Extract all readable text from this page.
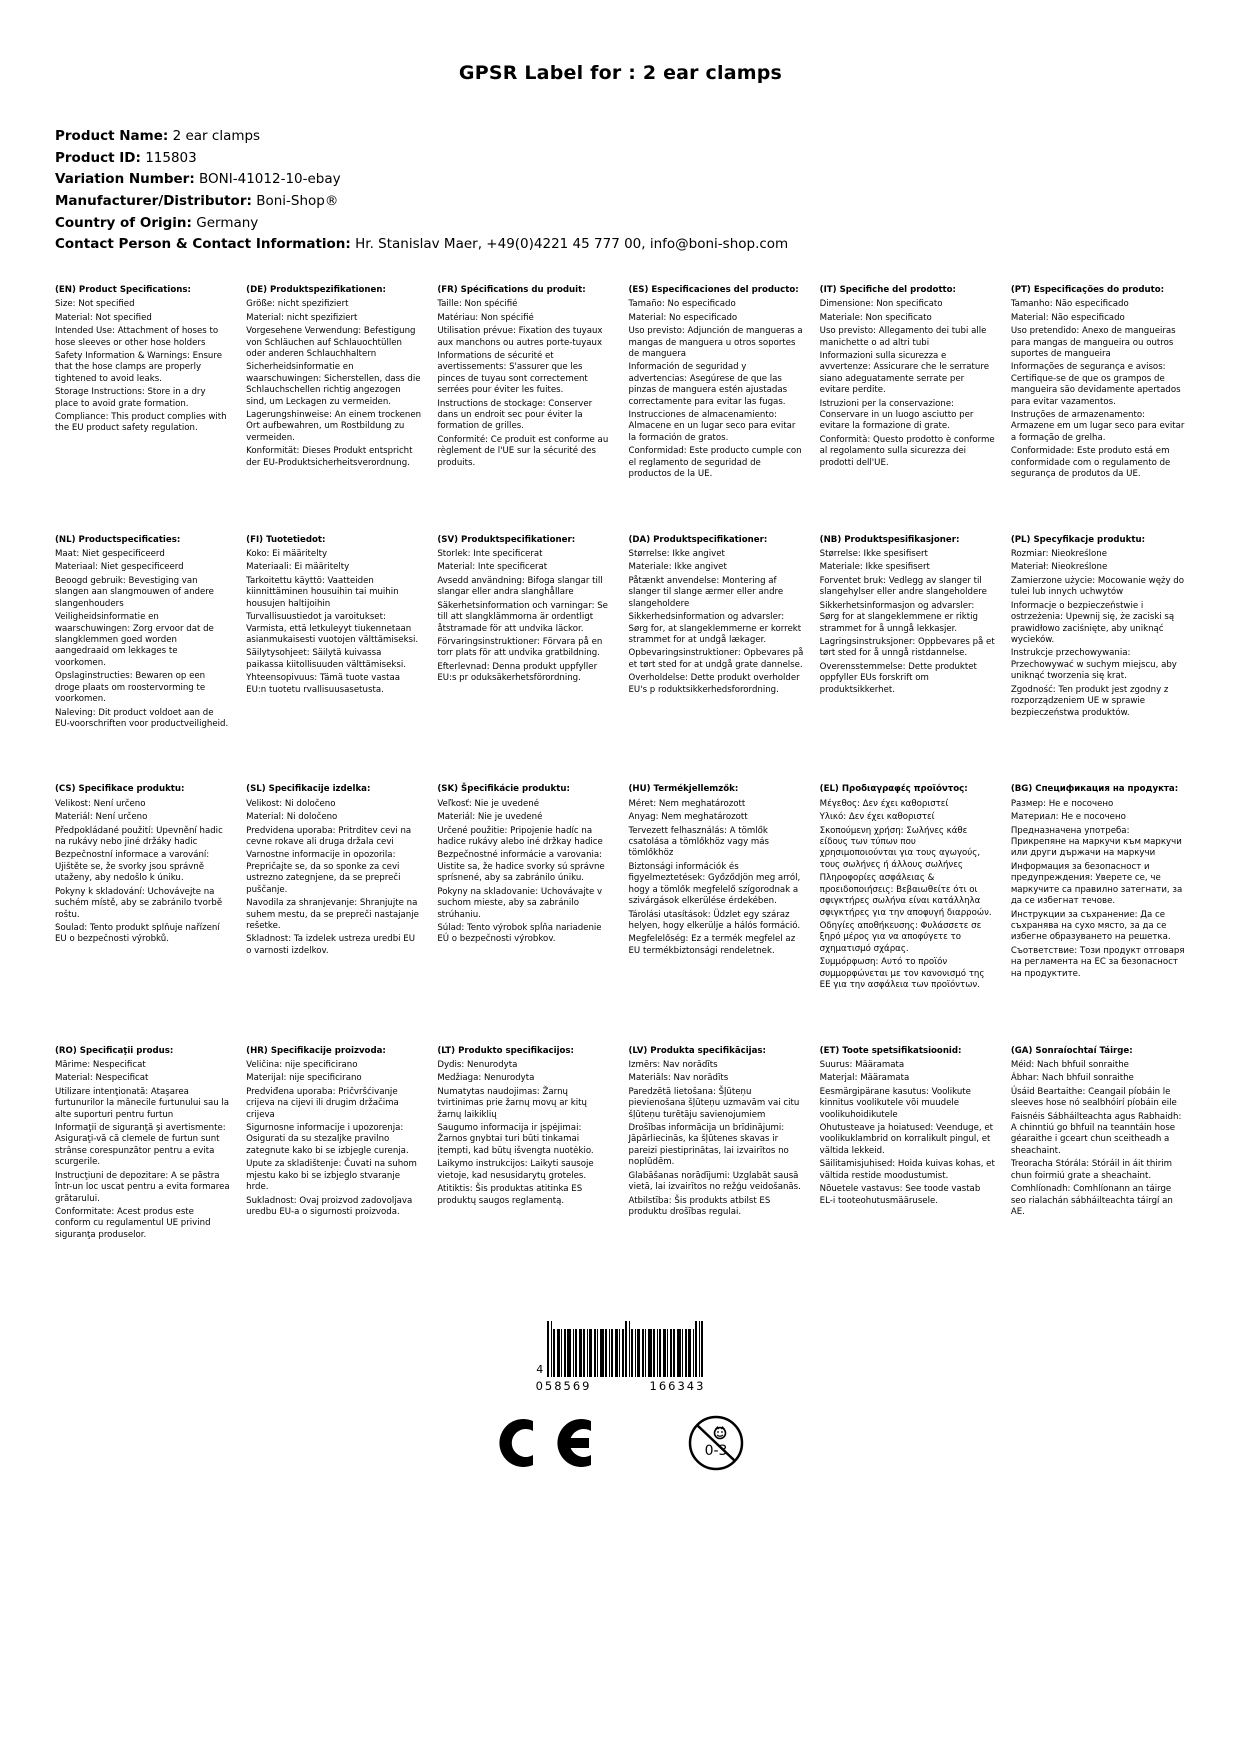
GPSR Label for : 2 ear clamps
Product Name: 2 ear clamps
Product ID: 115803
Variation Number: BONI-41012-10-ebay
Manufacturer/Distributor: Boni-Shop®
Country of Origin: Germany
Contact Person & Contact Information: Hr. Stanislav Maer, +49(0)4221 45 777 00, info@boni-shop.com
(EN) Product Specifications:
Size: Not specified
Material: Not specified
Intended Use: Attachment of hoses to hose sleeves or other hose holders
Safety Information & Warnings: Ensure that the hose clamps are properly tightened to avoid leaks.
Storage Instructions: Store in a dry place to avoid grate formation.
Compliance: This product complies with the EU product safety regulation.
(DE) Produktspezifikationen:
Größe: nicht spezifiziert
Material: nicht spezifiziert
Vorgesehene Verwendung: Befestigung von Schläuchen auf Schlauochtüllen oder anderen Schlauchhaltern
Sicherheidsinformatie en waarschuwingen: Sicherstellen, dass die Schlauchschellen richtig angezogen sind, um Leckagen zu vermeiden.
Lagerungshinweise: An einem trockenen Ort aufbewahren, um Rostbildung zu vermeiden.
Konformität: Dieses Produkt entspricht der EU-Produktsicherheitsverordnung.
(FR) Spécifications du produit:
Taille: Non spécifié
Matériau: Non spécifié
Utilisation prévue: Fixation des tuyaux aux manchons ou autres porte-tuyaux
Informations de sécurité et avertissements: S'assurer que les pinces de tuyau sont correctement serrées pour éviter les fuites.
Instructions de stockage: Conserver dans un endroit sec pour éviter la formation de grilles.
Conformité: Ce produit est conforme au règlement de l'UE sur la sécurité des produits.
(ES) Especificaciones del producto:
Tamaño: No especificado
Material: No especificado
Uso previsto: Adjunción de mangueras a mangas de manguera u otros soportes de manguera
Información de seguridad y advertencias: Asegúrese de que las pinzas de manguera estén ajustadas correctamente para evitar las fugas.
Instrucciones de almacenamiento: Almacene en un lugar seco para evitar la formación de gratos.
Conformidad: Este producto cumple con el reglamento de seguridad de productos de la UE.
(IT) Specifiche del prodotto:
Dimensione: Non specificato
Materiale: Non specificato
Uso previsto: Allegamento dei tubi alle manichette o ad altri tubi
Informazioni sulla sicurezza e avvertenze: Assicurare che le serrature siano adeguatamente serrate per evitare perdite.
Istruzioni per la conservazione: Conservare in un luogo asciutto per evitare la formazione di grate.
Conformità: Questo prodotto è conforme al regolamento sulla sicurezza dei prodotti dell'UE.
(PT) Especificações do produto:
Tamanho: Não especificado
Material: Não especificado
Uso pretendido: Anexo de mangueiras para mangas de mangueira ou outros suportes de mangueira
Informações de segurança e avisos: Certifique-se de que os grampos de mangueira são devidamente apertados para evitar vazamentos.
Instruções de armazenamento: Armazene em um lugar seco para evitar a formação de grelha.
Conformidade: Este produto está em conformidade com o regulamento de segurança de produtos da UE.
(NL) Productspecificaties:
Maat: Niet gespecificeerd
Materiaal: Niet gespecificeerd
Beoogd gebruik: Bevestiging van slangen aan slangmouwen of andere slangenhouders
Veiligheidsinformatie en waarschuwingen: Zorg ervoor dat de slangklemmen goed worden aangedraaid om lekkages te voorkomen.
Opslaginstructies: Bewaren op een droge plaats om roostervorming te voorkomen.
Naleving: Dit product voldoet aan de EU-voorschriften voor productveiligheid.
(FI) Tuotetiedot:
Koko: Ei määritelty
Materiaali: Ei määritelty
Tarkoitettu käyttö: Vaatteiden kiinnittäminen housuihin tai muihin housujen haltijoihin
Turvallisuustiedot ja varoitukset: Varmista, että letkuleyyt tiukennetaan asianmukaisesti vuotojen välttämiseksi.
Säilytysohjeet: Säilytä kuivassa paikassa kiitollisuuden välttämiseksi.
Yhteensopivuus: Tämä tuote vastaa EU:n tuotetu rvallisuusasetusta.
(SV) Produktspecifikationer:
Storlek: Inte specificerat
Material: Inte specificerat
Avsedd användning: Bifoga slangar till slangar eller andra slanghållare
Säkerhetsinformation och varningar: Se till att slangklämmorna är ordentligt åtstramade för att undvika läckor.
Förvaringsinstruktioner: Förvara på en torr plats för att undvika gratbildning.
Efterlevnad: Denna produkt uppfyller EU:s pr oduksäkerhetsförordning.
(DA) Produktspecifikationer:
Størrelse: Ikke angivet
Materiale: Ikke angivet
Påtænkt anvendelse: Montering af slanger til slange ærmer eller andre slangeholdere
Sikkerhedsinformation og advarsler: Sørg for, at slangeklemmerne er korrekt strammet for at undgå lækager.
Opbevaringsinstruktioner: Opbevares på et tørt sted for at undgå grate dannelse.
Overholdelse: Dette produkt overholder EU's p roduktsikkerhedsforordning.
(NB) Produktspesifikasjoner:
Størrelse: Ikke spesifisert
Materiale: Ikke spesifisert
Forventet bruk: Vedlegg av slanger til slangehylser eller andre slangeholdere
Sikkerhetsinformasjon og advarsler: Sørg for at slangeklemmene er riktig strammet for å unngå lekkasjer.
Lagringsinstruksjoner: Oppbevares på et tørt sted for å unngå ristdannelse.
Overensstemmelse: Dette produktet oppfyller EUs forskrift om produktsikkerhet.
(PL) Specyfikacje produktu:
Rozmiar: Nieokreślone
Materiał: Nieokreślone
Zamierzone użycie: Mocowanie węży do tulei lub innych uchwytów
Informacje o bezpieczeństwie i ostrzeżenia: Upewnij się, że zaciski są prawidłowo zaciśnięte, aby uniknąć wycieków.
Instrukcje przechowywania: Przechowywać w suchym miejscu, aby uniknąć tworzenia się krat.
Zgodność: Ten produkt jest zgodny z rozporządzeniem UE w sprawie bezpieczeństwa produktów.
(CS) Specifikace produktu:
Velikost: Není určeno
Materiál: Není určeno
Předpokládané použití: Upevnění hadic na rukávy nebo jiné držáky hadic
Bezpečnostní informace a varování: Ujištěte se, že svorky jsou správně utaženy, aby nedošlo k úniku.
Pokyny k skladování: Uchovávejte na suchém místě, aby se zabránilo tvorbě roštu.
Soulad: Tento produkt splňuje nařízení EU o bezpečnosti výrobků.
(SL) Specifikacije izdelka:
Velikost: Ni določeno
Material: Ni določeno
Predvidena uporaba: Pritrditev cevi na cevne rokave ali druga držala cevi
Varnostne informacije in opozorila: Prepričajte se, da so sponke za cevi ustrezno zategnjene, da se prepreči puščanje.
Navodila za shranjevanje: Shranjujte na suhem mestu, da se prepreči nastajanje rešetke.
Skladnost: Ta izdelek ustreza uredbi EU o varnosti izdelkov.
(SK) Špecifikácie produktu:
Veľkosť: Nie je uvedené
Materiál: Nie je uvedené
Určené použitie: Pripojenie hadíc na hadice rukávy alebo iné držkay hadice
Bezpečnostné informácie a varovania: Uistite sa, že hadice svorky sú správne sprísnené, aby sa zabránilo úniku.
Pokyny na skladovanie: Uchovávajte v suchom mieste, aby sa zabránilo strúhaniu.
Súlad: Tento výrobok spĺňa nariadenie EÚ o bezpečnosti výrobkov.
(HU) Termékjellemzők:
Méret: Nem meghatározott
Anyag: Nem meghatározott
Tervezett felhasználás: A tömlők csatolása a tömlőkhöz vagy más tömlőkhöz
Biztonsági információk és figyelmeztetések: Győződjön meg arról, hogy a tömlők megfelelő szígorodnak a szivárgások elkerülése érdekében.
Tárolási utasítások: Üdzlet egy száraz helyen, hogy elkerülje a hálós formáció.
Megfelelőség: Ez a termék megfelel az EU termékbiztonsági rendeletnek.
(EL) Προδιαγραφές προϊόντος:
Μέγεθος: Δεν έχει καθοριστεί
Υλικό: Δεν έχει καθοριστεί
Σκοπούμενη χρήση: Σωλήνες κάθε είδους των τύπων που χρησιμοποιούνται για τους αγωγούς, τους σωλήνες ή άλλους σωλήνες
Πληροφορίες ασφάλειας & προειδοποιήσεις: Βεβαιωθείτε ότι οι σφιγκτήρες σωλήνα είναι κατάλληλα σφιγκτήρες για την αποφυγή διαρροών.
Οδηγίες αποθήκευσης: Φυλάσσετε σε ξηρό μέρος για να αποφύγετε το σχηματισμό σχάρας.
Συμμόρφωση: Αυτό το προϊόν συμμορφώνεται με τον κανονισμό της ΕΕ για την ασφάλεια των προϊόντων.
(BG) Спецификация на продукта:
Размер: Не е посочено
Материал: Не е посочено
Предназначена употреба: Прикрепяне на маркучи към маркучи или други държачи на маркучи
Информация за безопасност и предупреждения: Уверете се, че маркучите са правилно затегнати, за да се избегнат течове.
Инструкции за съхранение: Да се съхранява на сухо място, за да се избегне образуването на решетка.
Съответствие: Този продукт отговаря на регламента на ЕС за безопасност на продуктите.
(RO) Specificaţii produs:
Mărime: Nespecificat
Material: Nespecificat
Utilizare intenţionată: Ataşarea furtunurilor la mânecile furtunului sau la alte suporturi pentru furtun
Informaţii de siguranţă şi avertismente: Asiguraţi-vă că clemele de furtun sunt strânse corespunzător pentru a evita scurgerile.
Instrucţiuni de depozitare: A se păstra într-un loc uscat pentru a evita formarea grătarului.
Conformitate: Acest produs este conform cu regulamentul UE privind siguranţa produselor.
(HR) Specifikacije proizvoda:
Veličina: nije specificirano
Materijal: nije specificirano
Predviđena uporaba: Pričvršćivanje crijeva na cijevi ili drugim držačima crijeva
Sigurnosne informacije i upozorenja: Osigurati da su stezaljke pravilno zategnute kako bi se izbjegle curenja.
Upute za skladištenje: Čuvati na suhom mjestu kako bi se izbjeglo stvaranje hrde.
Sukladnost: Ovaj proizvod zadovoljava uredbu EU-a o sigurnosti proizvoda.
(LT) Produkto specifikacijos:
Dydis: Nenurodyta
Medžiaga: Nenurodyta
Numatytas naudojimas: Žarnų tvirtinimas prie žarnų movų ar kitų žarnų laikiklių
Saugumo informacija ir įspėjimai: Žarnos gnybtai turi būti tinkamai įtempti, kad būtų išvengta nuotėkio.
Laikymo instrukcijos: Laikyti sausoje vietoje, kad nesusidarytų groteles.
Atitiktis: Šis produktas atitinka ES produktų saugos reglamentą.
(LV) Produkta specifikācijas:
Izmērs: Nav norādīts
Materiāls: Nav norādīts
Paredzētā lietošana: Šļūteņu pievienošana šļūteņu uzmavām vai citu šļūteņu turētāju savienojumiem
Drošības informācija un brīdinājumi: Jāpārliecinās, ka šļūtenes skavas ir pareizi piestiprinātas, lai izvairītos no noplūdēm.
Glabāšanas norādījumi: Uzglabāt sausā vietā, lai izvairītos no režģu veidošanās.
Atbilstība: Šis produkts atbilst ES produktu drošības regulai.
(ET) Toote spetsifikatsioonid:
Suurus: Määramata
Materjal: Määramata
Eesmärgipärane kasutus: Voolikute kinnitus voolikutele või muudele voolikuhoidikutele
Ohutusteave ja hoiatused: Veenduge, et voolikuklambrid on korralikult pingul, et vältida lekkeid.
Säilitamisjuhised: Hoida kuivas kohas, et vältida restide moodustumist.
Nõuetele vastavus: See toode vastab EL-i tooteohutusmäärusele.
(GA) Sonraíochtaí Táirge:
Méid: Nach bhfuil sonraithe
Ábhar: Nach bhfuil sonraithe
Úsáid Beartaithe: Ceangail píobáin le sleeves hose nó sealbhóirí píobáin eile
Faisnéis Sábháilteachta agus Rabhaidh: A chinntiú go bhfuil na teanntáin hose géaraithe i gceart chun sceitheadh a sheachaint.
Treoracha Stórála: Stóráil in áit thirim chun foirmiú grate a sheachaint.
Comhlíonadh: Comhlíonann an táirge seo rialachán sábháilteachta táirgí an AE.
4
058569	166343
0-3
